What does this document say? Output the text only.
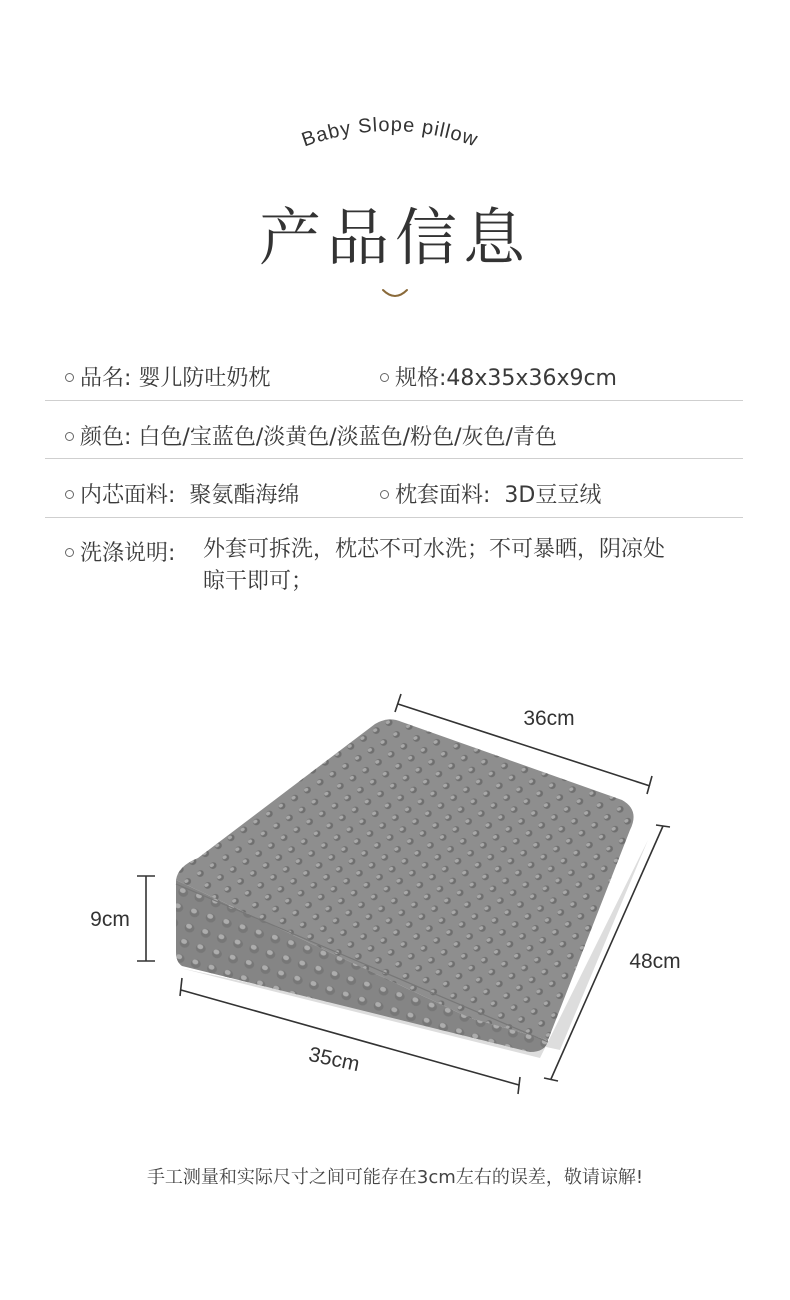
Baby Slope pillow
产品信息
品名: 婴儿防吐奶枕	规格:48x35x36x9cm
颜色: 白色/宝蓝色/淡黄色/淡蓝色/粉色/灰色/青色
内芯面料: 聚氨酯海绵	枕套面料: 3D豆豆绒
洗涤说明: 外套可拆洗，枕芯不可水洗；不可暴晒，阴凉处
晾干即可；
36cm
48cm
9cm
35cm
手工测量和实际尺寸之间可能存在3cm左右的误差，敬请谅解!
